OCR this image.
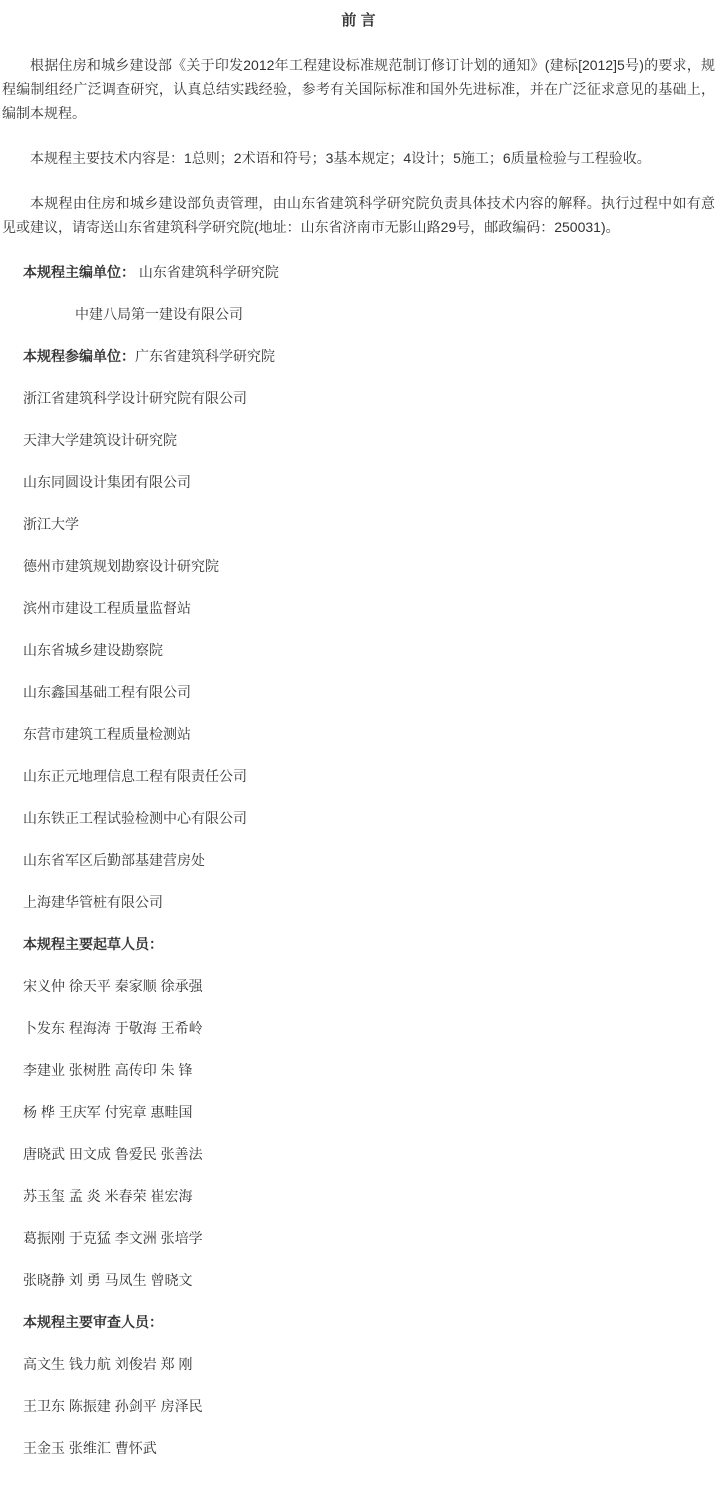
前 言

根据住房和城乡建设部《关于印发2012年工程建设标准规范制订修订计划的通知》(建标[2012]5号)的要求，规程编制组经广泛调查研究，认真总结实践经验，参考有关国际标准和国外先进标准，并在广泛征求意见的基础上，编制本规程。

本规程主要技术内容是：1总则；2术语和符号；3基本规定；4设计；5施工；6质量检验与工程验收。

本规程由住房和城乡建设部负责管理，由山东省建筑科学研究院负责具体技术内容的解释。执行过程中如有意见或建议，请寄送山东省建筑科学研究院(地址：山东省济南市无影山路29号，邮政编码：250031)。

本规程主编单位： 山东省建筑科学研究院

中建八局第一建设有限公司

本规程参编单位：广东省建筑科学研究院

浙江省建筑科学设计研究院有限公司

天津大学建筑设计研究院

山东同圆设计集团有限公司

浙江大学

德州市建筑规划勘察设计研究院

滨州市建设工程质量监督站

山东省城乡建设勘察院

山东鑫国基础工程有限公司

东营市建筑工程质量检测站

山东正元地理信息工程有限责任公司

山东铁正工程试验检测中心有限公司

山东省军区后勤部基建营房处

上海建华管桩有限公司

本规程主要起草人员：

宋义仲 徐天平 秦家顺 徐承强

卜发东 程海涛 于敬海 王希岭

李建业 张树胜 高传印 朱 锋

杨 桦 王庆军 付宪章 惠畦国

唐晓武 田文成 鲁爱民 张善法

苏玉玺 孟 炎 米春荣 崔宏海

葛振刚 于克猛 李文洲 张培学

张晓静 刘 勇 马凤生 曾晓文

本规程主要审查人员：

高文生 钱力航 刘俊岩 郑 刚

王卫东 陈振建 孙剑平 房泽民

王金玉 张维汇 曹怀武
